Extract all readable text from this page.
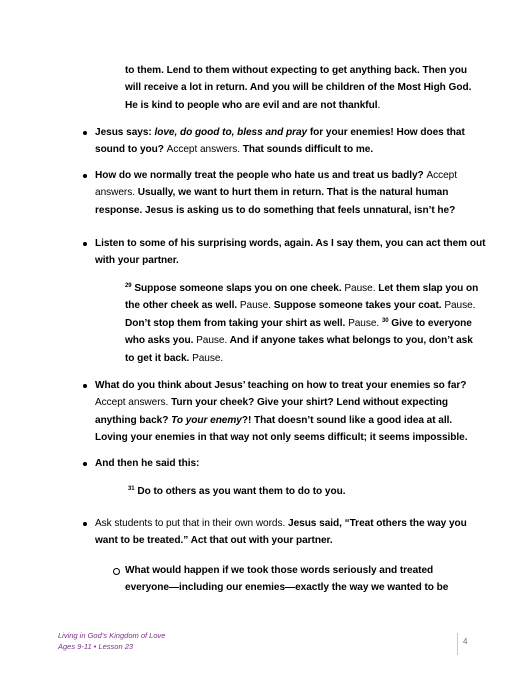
to them. Lend to them without expecting to get anything back. Then you
will receive a lot in return. And you will be children of the Most High God.
He is kind to people who are evil and are not thankful.
Jesus says: love, do good to, bless and pray for your enemies! How does that
sound to you? Accept answers. That sounds difficult to me.
How do we normally treat the people who hate us and treat us badly? Accept
answers. Usually, we want to hurt them in return. That is the natural human
response. Jesus is asking us to do something that feels unnatural, isn’t he?
Listen to some of his surprising words, again. As I say them, you can act them out
with your partner.
$^{29}$ Suppose someone slaps you on one cheek. Pause. Let them slap you on
the other cheek as well. Pause. Suppose someone takes your coat. Pause.
Don’t stop them from taking your shirt as well. Pause. $^{30}$ Give to everyone
who asks you. Pause. And if anyone takes what belongs to you, don’t ask
to get it back. Pause.
What do you think about Jesus’ teaching on how to treat your enemies so far?
Accept answers. Turn your cheek? Give your shirt? Lend without expecting
anything back? To your enemy?! That doesn’t sound like a good idea at all.
Loving your enemies in that way not only seems difficult; it seems impossible.
And then he said this:
$^{31}$ Do to others as you want them to do to you.
Ask students to put that in their own words. Jesus said, “Treat others the way you
want to be treated.” Act that out with your partner.
What would happen if we took those words seriously and treated
everyone—including our enemies—exactly the way we wanted to be
Living in God’s Kingdom of Love
Ages 9-11 • Lesson 23	4
